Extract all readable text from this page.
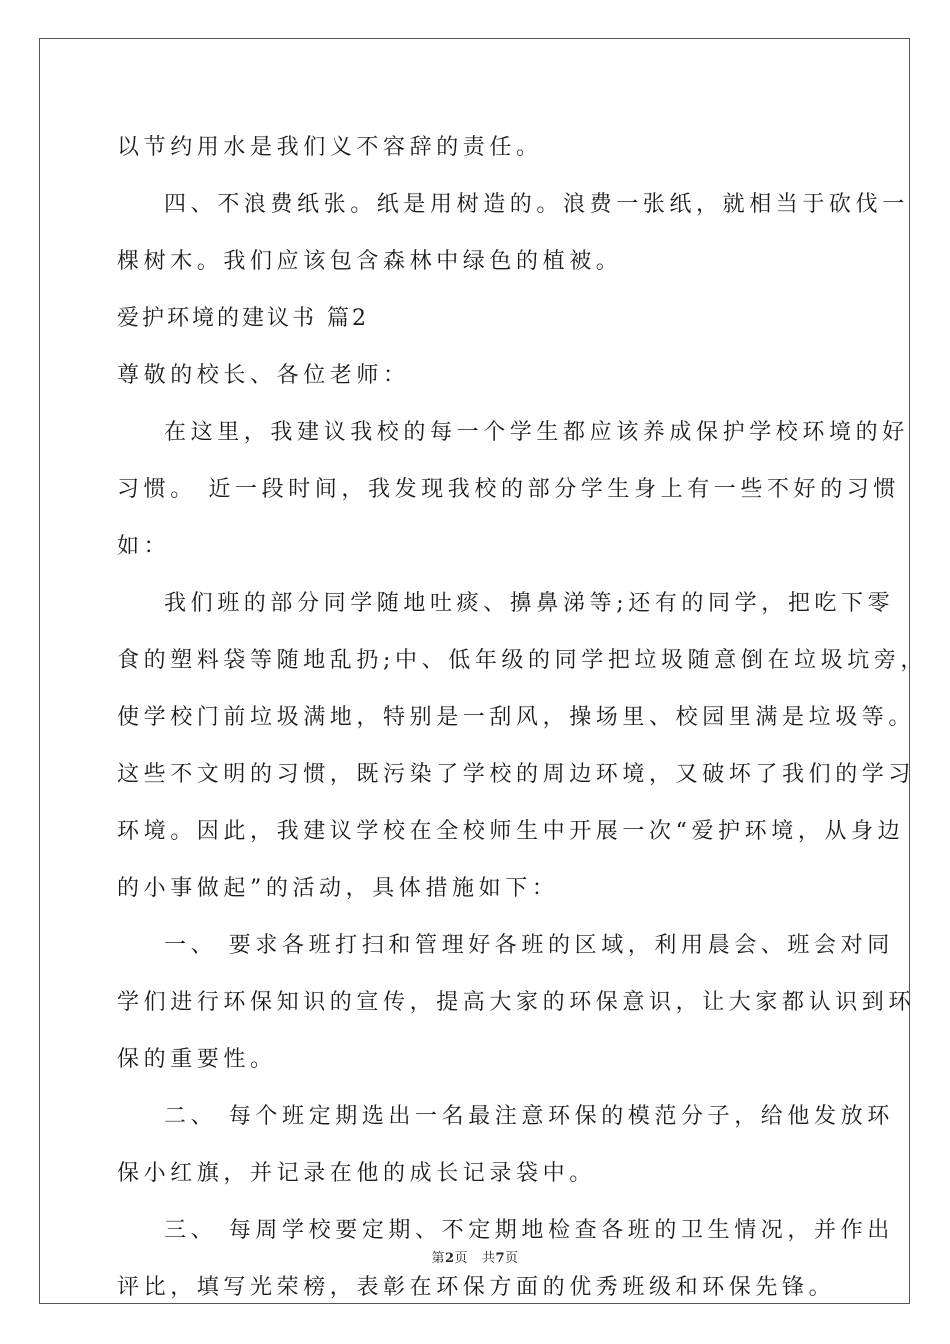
以节约用水是我们义不容辞的责任。
四、不浪费纸张。纸是用树造的。浪费一张纸，就相当于砍伐一
棵树木。我们应该包含森林中绿色的植被。
爱护环境的建议书 篇2
尊敬的校长、各位老师：
在这里，我建议我校的每一个学生都应该养成保护学校环境的好
习惯。 近一段时间，我发现我校的部分学生身上有一些不好的习惯
如：
我们班的部分同学随地吐痰、擤鼻涕等;还有的同学，把吃下零
食的塑料袋等随地乱扔;中、低年级的同学把垃圾随意倒在垃圾坑旁，
使学校门前垃圾满地，特别是一刮风，操场里、校园里满是垃圾等。
这些不文明的习惯，既污染了学校的周边环境，又破坏了我们的学习
环境。因此，我建议学校在全校师生中开展一次“爱护环境，从身边
的小事做起”的活动，具体措施如下：
一、 要求各班打扫和管理好各班的区域，利用晨会、班会对同
学们进行环保知识的宣传，提高大家的环保意识，让大家都认识到环
保的重要性。
二、 每个班定期选出一名最注意环保的模范分子，给他发放环
保小红旗，并记录在他的成长记录袋中。
三、 每周学校要定期、不定期地检查各班的卫生情况，并作出
评比，填写光荣榜，表彰在环保方面的优秀班级和环保先锋。
第2页 共7页
